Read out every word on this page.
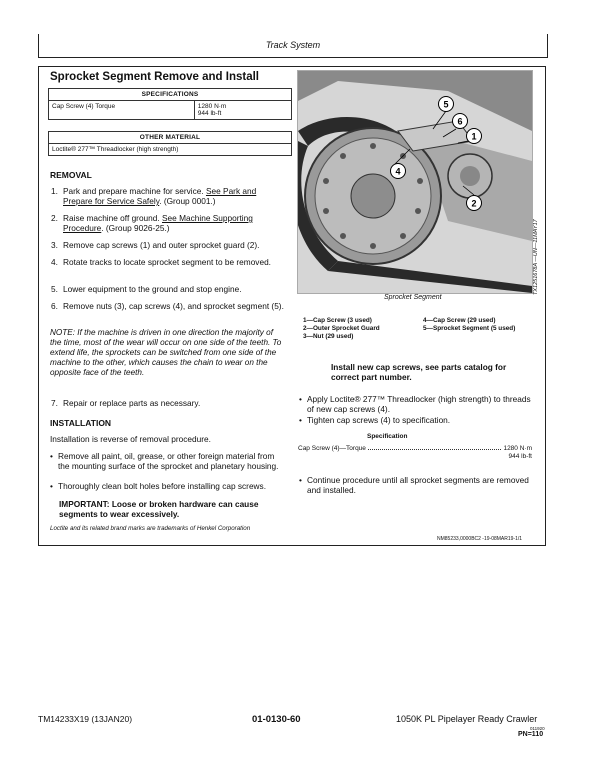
Track System
Sprocket Segment Remove and Install
SPECIFICATIONS
Cap Screw (4) Torque	1280 N·m
944 lb-ft
OTHER MATERIAL
Loctite® 277™ Threadlocker (high strength)
REMOVAL
1. Park and prepare machine for service. See Park and Prepare for Service Safely. (Group 0001.)
2. Raise machine off ground. See Machine Supporting Procedure. (Group 9026-25.)
3. Remove cap screws (1) and outer sprocket guard (2).
4. Rotate tracks to locate sprocket segment to be removed.
5. Lower equipment to the ground and stop engine.
6. Remove nuts (3), cap screws (4), and sprocket segment (5).
NOTE: If the machine is driven in one direction the majority of the time, most of the wear will occur on one side of the teeth. To extend life, the sprockets can be switched from one side of the machine to the other, which causes the chain to wear on the opposite face of the teeth.
7. Repair or replace parts as necessary.
INSTALLATION
Installation is reverse of removal procedure.
• Remove all paint, oil, grease, or other foreign material from the mounting surface of the sprocket and planetary housing.
• Thoroughly clean bolt holes before installing cap screws.
IMPORTANT: Loose or broken hardware can cause segments to wear excessively.
Loctite and its related brand marks are trademarks of Henkel Corporation
4
5
6
1
2
TX1251678A —UN—11MAY17
Sprocket Segment
1—Cap Screw (3 used)
2—Outer Sprocket Guard
3—Nut (29 used)
4—Cap Screw (29 used)
5—Sprocket Segment (5 used)
Install new cap screws, see parts catalog for correct part number.
• Apply Loctite® 277™ Threadlocker (high strength) to threads of new cap screws (4).
• Tighten cap screws (4) to specification.
Specification
Cap Screw (4)—Torque	1280 N·m
944 lb-ft
• Continue procedure until all sprocket segments are removed and installed.
NM85233,0000BC2 -19-08MAR19-1/1
TM14233X19 (13JAN20)	01-0130-60	1050K PL Pipelayer Ready Crawler
011920
PN=110
